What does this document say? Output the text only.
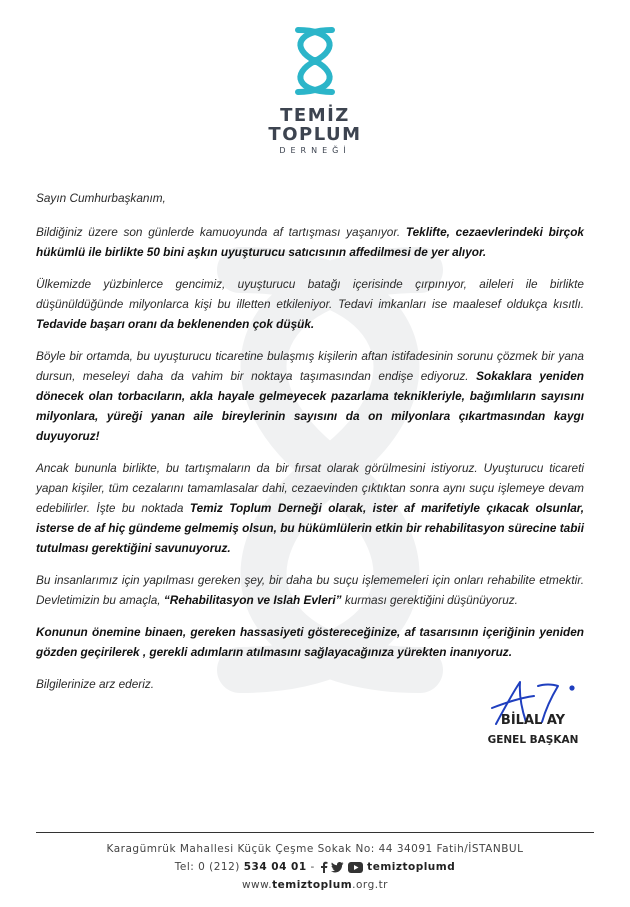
TEMİZ
TOPLUM
DERNEĞİ

Sayın Cumhurbaşkanım,

Bildiğiniz üzere son günlerde kamuoyunda af tartışması yaşanıyor. Teklifte, cezaevlerindeki birçok hükümlü ile birlikte 50 bini aşkın uyuşturucu satıcısının affedilmesi de yer alıyor.

Ülkemizde yüzbinlerce gencimiz, uyuşturucu batağı içerisinde çırpınıyor, aileleri ile birlikte düşünüldüğünde milyonlarca kişi bu illetten etkileniyor. Tedavi imkanları ise maalesef oldukça kısıtlı. Tedavide başarı oranı da beklenenden çok düşük.

Böyle bir ortamda, bu uyuşturucu ticaretine bulaşmış kişilerin aftan istifadesinin sorunu çözmek bir yana dursun, meseleyi daha da vahim bir noktaya taşımasından endişe ediyoruz. Sokaklara yeniden dönecek olan torbacıların, akla hayale gelmeyecek pazarlama teknikleriyle, bağımlıların sayısını milyonlara, yüreği yanan aile bireylerinin sayısını da on milyonlara çıkartmasından kaygı duyuyoruz!

Ancak bununla birlikte, bu tartışmaların da bir fırsat olarak görülmesini istiyoruz. Uyuşturucu ticareti yapan kişiler, tüm cezalarını tamamlasalar dahi, cezaevinden çıktıktan sonra aynı suçu işlemeye devam edebilirler. İşte bu noktada Temiz Toplum Derneği olarak, ister af marifetiyle çıkacak olsunlar, isterse de af hiç gündeme gelmemiş olsun, bu hükümlülerin etkin bir rehabilitasyon sürecine tabii tutulması gerektiğini savunuyoruz.

Bu insanlarımız için yapılması gereken şey, bir daha bu suçu işlememeleri için onları rehabilite etmektir. Devletimizin bu amaçla, “Rehabilitasyon ve Islah Evleri” kurması gerektiğini düşünüyoruz.

Konunun önemine binaen, gereken hassasiyeti göstereceğinize, af tasarısının içeriğinin yeniden gözden geçirilerek , gerekli adımların atılmasını sağlayacağınıza yürekten inanıyoruz.

Bilgilerinize arz ederiz.

BİLAL AY
GENEL BAŞKAN
Karagümrük Mahallesi Küçük Çeşme Sokak No: 44 34091 Fatih/İSTANBUL
Tel: 0 (212) 534 04 01 -	temiztoplumd
www.temiztoplum.org.tr
